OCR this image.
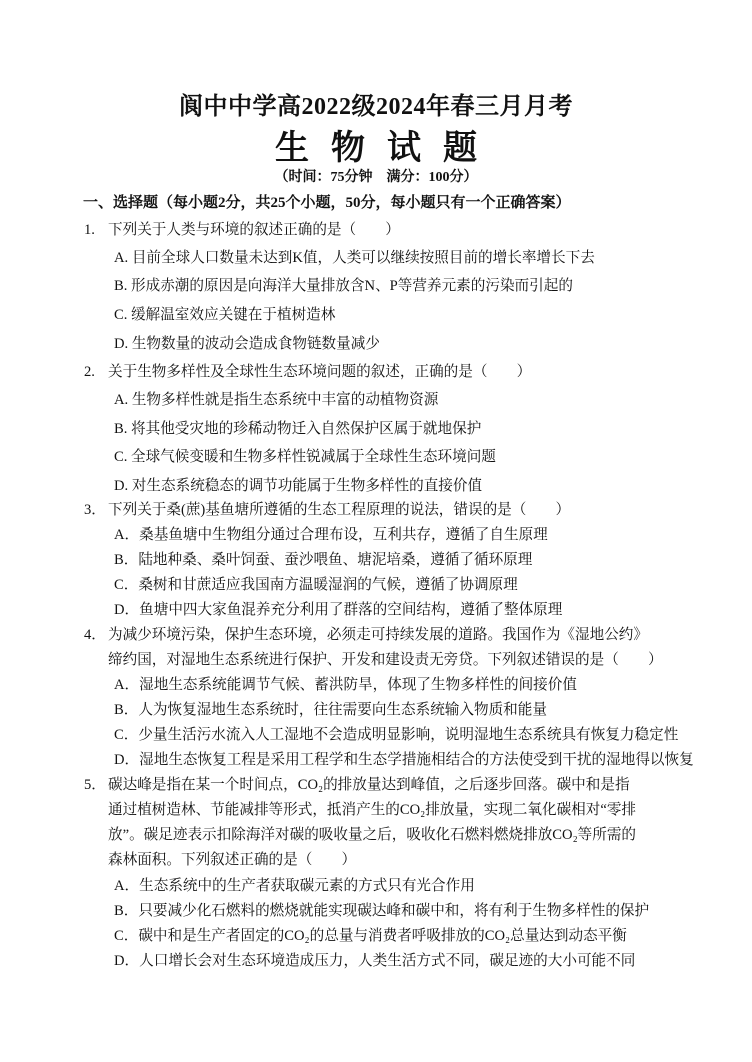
阆中中学高2022级2024年春三月月考
生物试题
（时间：75分钟　满分：100分）
一、选择题（每小题2分，共25个小题，50分，每小题只有一个正确答案）
1. 下列关于人类与环境的叙述正确的是（　　）
A. 目前全球人口数量未达到K值，人类可以继续按照目前的增长率增长下去
B. 形成赤潮的原因是向海洋大量排放含N、P等营养元素的污染而引起的
C. 缓解温室效应关键在于植树造林
D. 生物数量的波动会造成食物链数量减少
2. 关于生物多样性及全球性生态环境问题的叙述，正确的是（　　）
A. 生物多样性就是指生态系统中丰富的动植物资源
B. 将其他受灾地的珍稀动物迁入自然保护区属于就地保护
C. 全球气候变暖和生物多样性锐减属于全球性生态环境问题
D. 对生态系统稳态的调节功能属于生物多样性的直接价值
3． 下列关于桑(蔗)基鱼塘所遵循的生态工程原理的说法，错误的是（　　）
A．桑基鱼塘中生物组分通过合理布设，互利共存，遵循了自生原理
B．陆地种桑、桑叶饲蚕、蚕沙喂鱼、塘泥培桑，遵循了循环原理
C．桑树和甘蔗适应我国南方温暖湿润的气候，遵循了协调原理
D．鱼塘中四大家鱼混养充分利用了群落的空间结构，遵循了整体原理
4． 为减少环境污染，保护生态环境，必须走可持续发展的道路。我国作为《湿地公约》
缔约国，对湿地生态系统进行保护、开发和建设责无旁贷。下列叙述错误的是（　　）
A．湿地生态系统能调节气候、蓄洪防旱，体现了生物多样性的间接价值
B．人为恢复湿地生态系统时，往往需要向生态系统输入物质和能量
C．少量生活污水流入人工湿地不会造成明显影响，说明湿地生态系统具有恢复力稳定性
D．湿地生态恢复工程是采用工程学和生态学措施相结合的方法使受到干扰的湿地得以恢复
5． 碳达峰是指在某一个时间点，CO₂的排放量达到峰值，之后逐步回落。碳中和是指
通过植树造林、节能减排等形式，抵消产生的CO₂排放量，实现二氧化碳相对“零排
放”。碳足迹表示扣除海洋对碳的吸收量之后，吸收化石燃料燃烧排放CO₂等所需的
森林面积。下列叙述正确的是（　　）
A．生态系统中的生产者获取碳元素的方式只有光合作用
B．只要减少化石燃料的燃烧就能实现碳达峰和碳中和，将有利于生物多样性的保护
C．碳中和是生产者固定的CO₂的总量与消费者呼吸排放的CO₂总量达到动态平衡
D．人口增长会对生态环境造成压力，人类生活方式不同，碳足迹的大小可能不同
